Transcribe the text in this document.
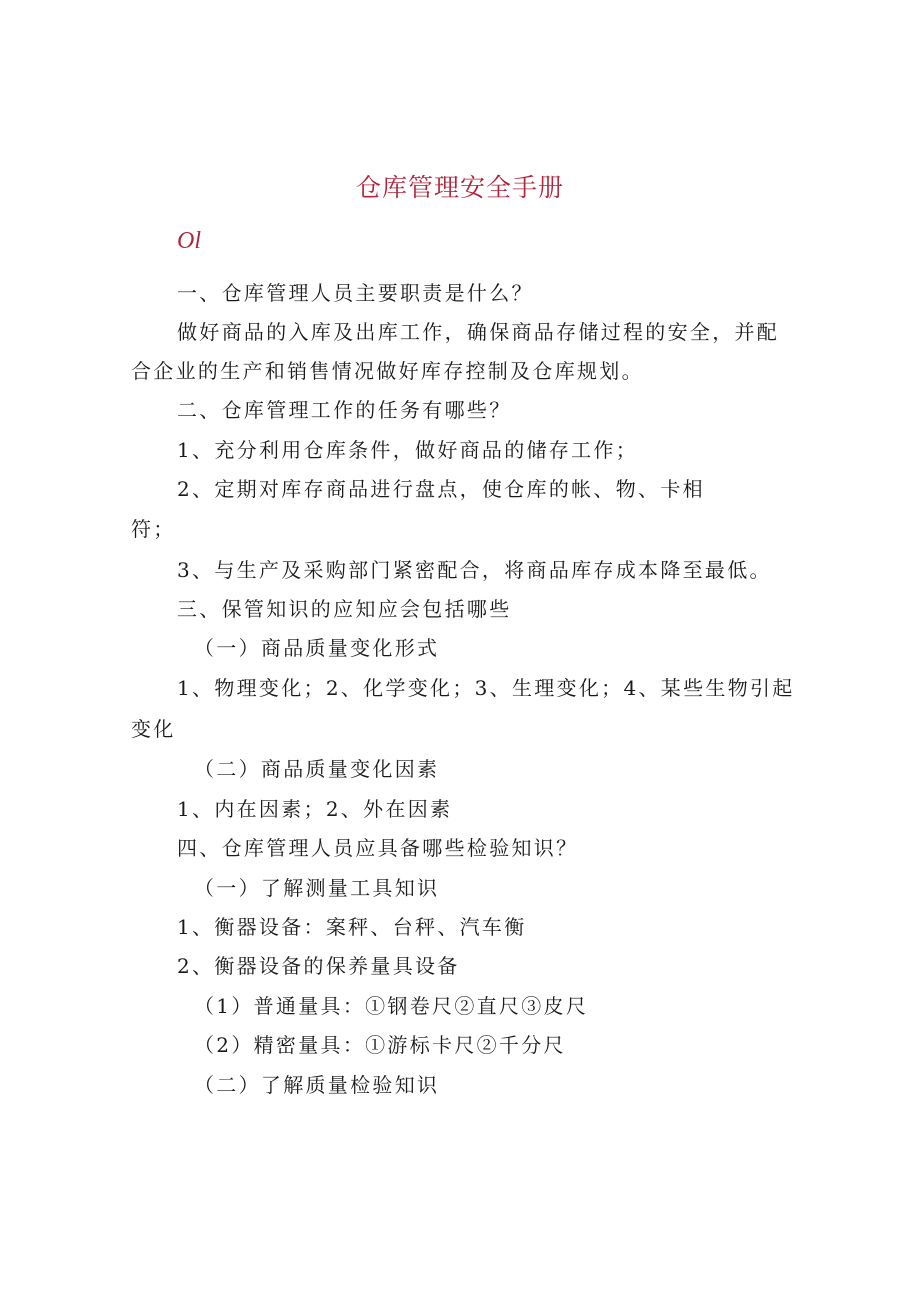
仓库管理安全手册
Ol
一、仓库管理人员主要职责是什么？
做好商品的入库及出库工作，确保商品存储过程的安全，并配
合企业的生产和销售情况做好库存控制及仓库规划。
二、仓库管理工作的任务有哪些？
1、充分利用仓库条件，做好商品的储存工作；
2、定期对库存商品进行盘点，使仓库的帐、物、卡相
符；
3、与生产及采购部门紧密配合，将商品库存成本降至最低。
三、保管知识的应知应会包括哪些
（一）商品质量变化形式
1、物理变化；2、化学变化；3、生理变化；4、某些生物引起
变化
（二）商品质量变化因素
1、内在因素；2、外在因素
四、仓库管理人员应具备哪些检验知识？
（一）了解测量工具知识
1、衡器设备：案秤、台秤、汽车衡
2、衡器设备的保养量具设备
（1）普通量具：①钢卷尺②直尺③皮尺
（2）精密量具：①游标卡尺②千分尺
（二）了解质量检验知识
